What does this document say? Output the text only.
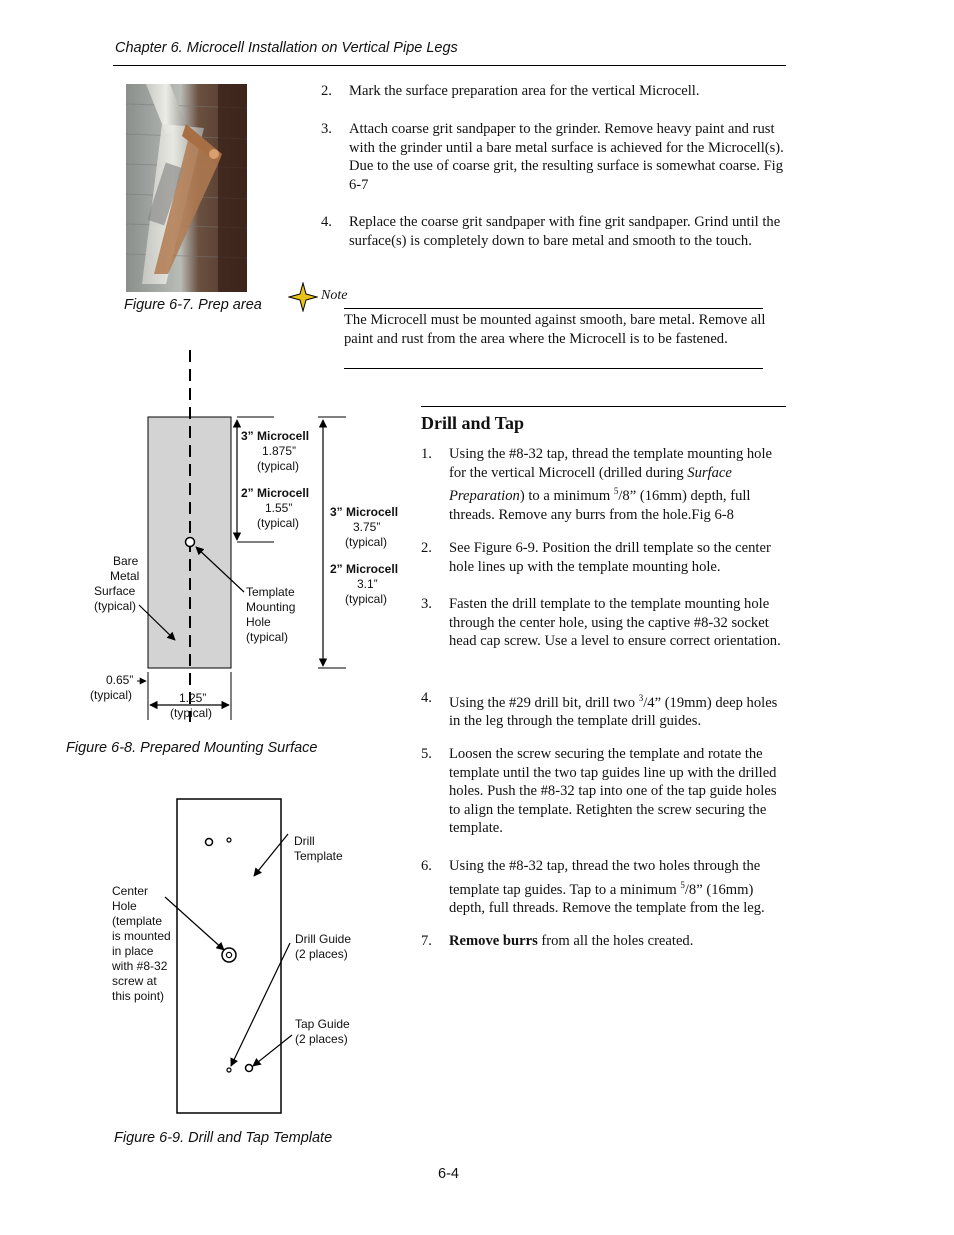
Chapter 6. Microcell Installation on Vertical Pipe Legs
Figure 6-7. Prep area
2. Mark the surface preparation area for the vertical Microcell.
3. Attach coarse grit sandpaper to the grinder. Remove heavy paint and rust with the grinder until a bare metal surface is achieved for the Microcell(s). Due to the use of coarse grit, the resulting surface is somewhat coarse. Fig 6-7
4. Replace the coarse grit sandpaper with fine grit sandpaper. Grind until the surface(s) is completely down to bare metal and smooth to the touch.
Note
The Microcell must be mounted against smooth, bare metal. Remove all paint and rust from the area where the Microcell is to be fastened.
3” Microcell
1.875”
(typical)
2” Microcell
1.55”
(typical)
3” Microcell
3.75”
(typical)
2” Microcell
3.1”
(typical)
Bare
Metal
Surface
(typical)
Template
Mounting
Hole
(typical)
0.65”
(typical)	1.25”
(typical)
Figure 6-8. Prepared Mounting Surface
Drill
Template
Center
Hole
(template
is mounted
in place
with #8-32
screw at
this point)
Drill Guide
(2 places)
Tap Guide
(2 places)
Figure 6-9. Drill and Tap Template
Drill and Tap
1. Using the #8-32 tap, thread the template mounting hole for the vertical Microcell (drilled during Surface Preparation) to a minimum $^5$/8” (16mm) depth, full threads. Remove any burrs from the hole.Fig 6-8
2. See Figure 6-9. Position the drill template so the center hole lines up with the template mounting hole.
3. Fasten the drill template to the template mounting hole through the center hole, using the captive #8-32 socket head cap screw. Use a level to ensure correct orientation.
4. Using the #29 drill bit, drill two $^3$/4” (19mm) deep holes in the leg through the template drill guides.
5. Loosen the screw securing the template and rotate the template until the two tap guides line up with the drilled holes. Push the #8-32 tap into one of the tap guide holes to align the template. Retighten the screw securing the template.
6. Using the #8-32 tap, thread the two holes through the template tap guides. Tap to a minimum $^5$/8” (16mm) depth, full threads. Remove the template from the leg.
7. Remove burrs from all the holes created.
6-4
